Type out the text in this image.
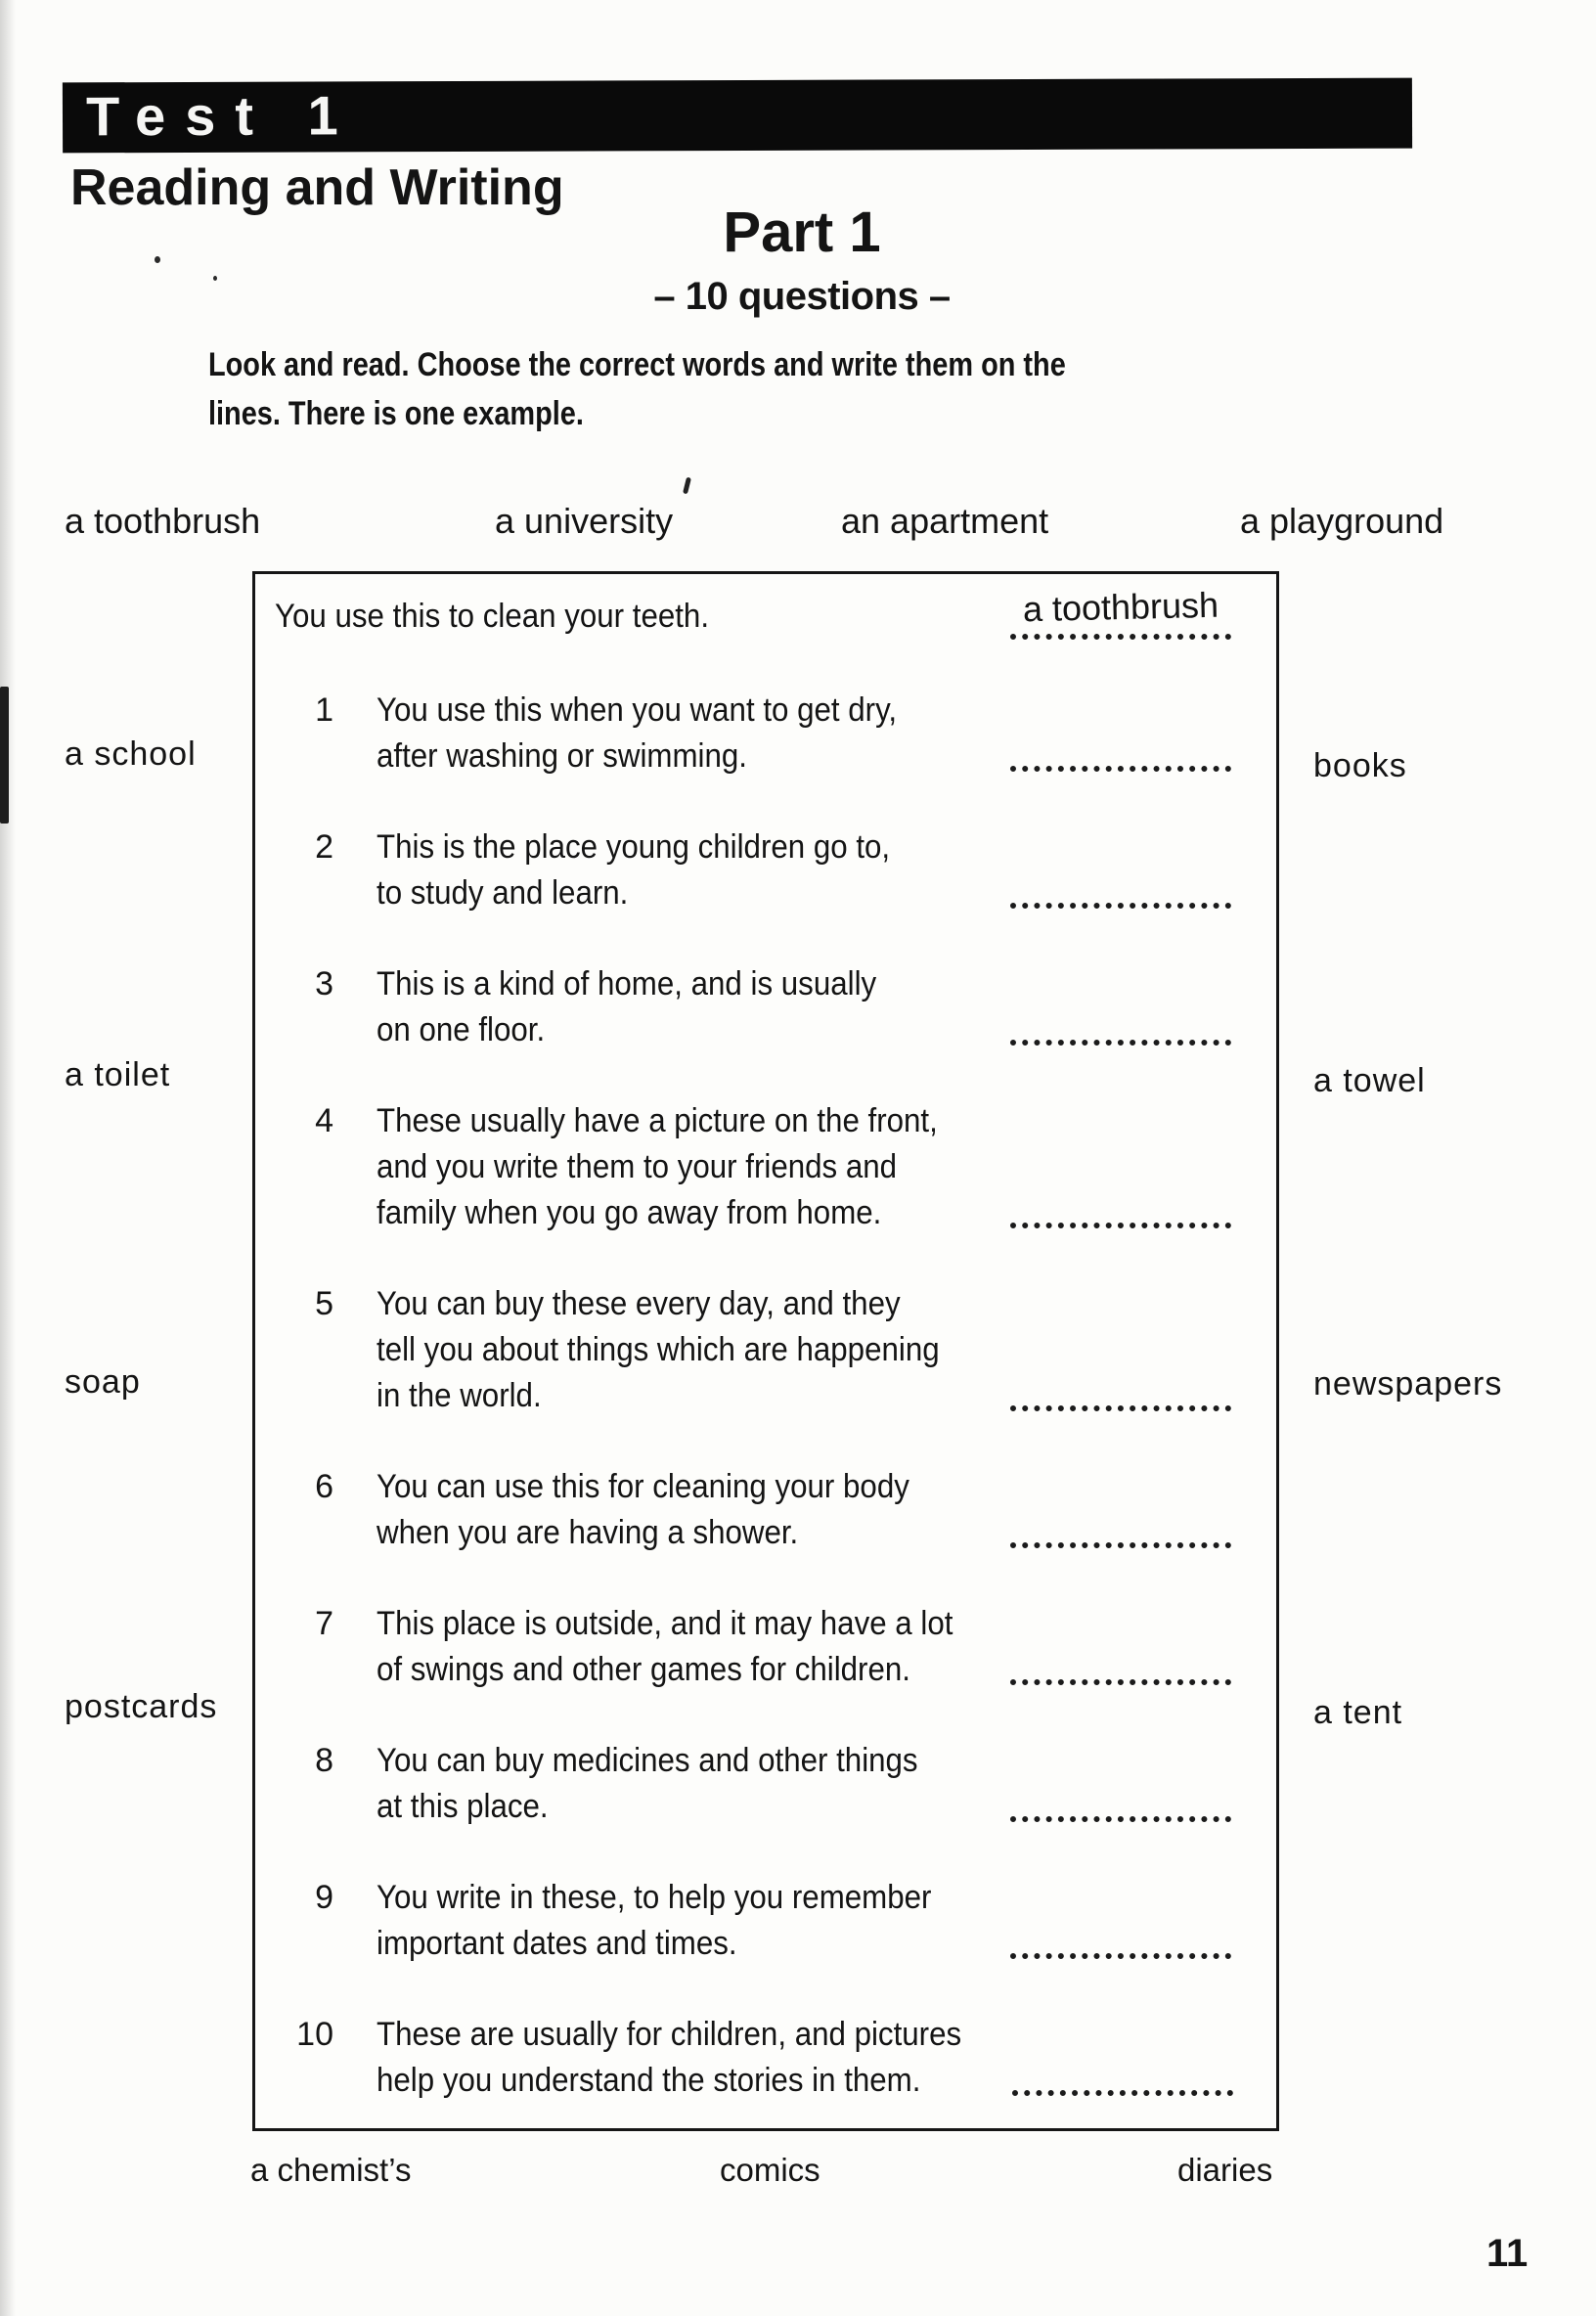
Test 1
Reading and Writing
Part 1
– 10 questions –
Look and read. Choose the correct words and write them on the
lines. There is one example.
a toothbrush	a university	an apartment	a playground
a school
a toilet
soap
postcards
books
a towel
newspapers
a tent
a chemist’s	comics	diaries
You use this to clean your teeth.	a toothbrush
1 You use this when you want to get dry,
after washing or swimming.
2 This is the place young children go to,
to study and learn.
3 This is a kind of home, and is usually
on one floor.
4 These usually have a picture on the front,
and you write them to your friends and
family when you go away from home.
5 You can buy these every day, and they
tell you about things which are happening
in the world.
6 You can use this for cleaning your body
when you are having a shower.
7 This place is outside, and it may have a lot
of swings and other games for children.
8 You can buy medicines and other things
at this place.
9 You write in these, to help you remember
important dates and times.
10 These are usually for children, and pictures
help you understand the stories in them.
11
